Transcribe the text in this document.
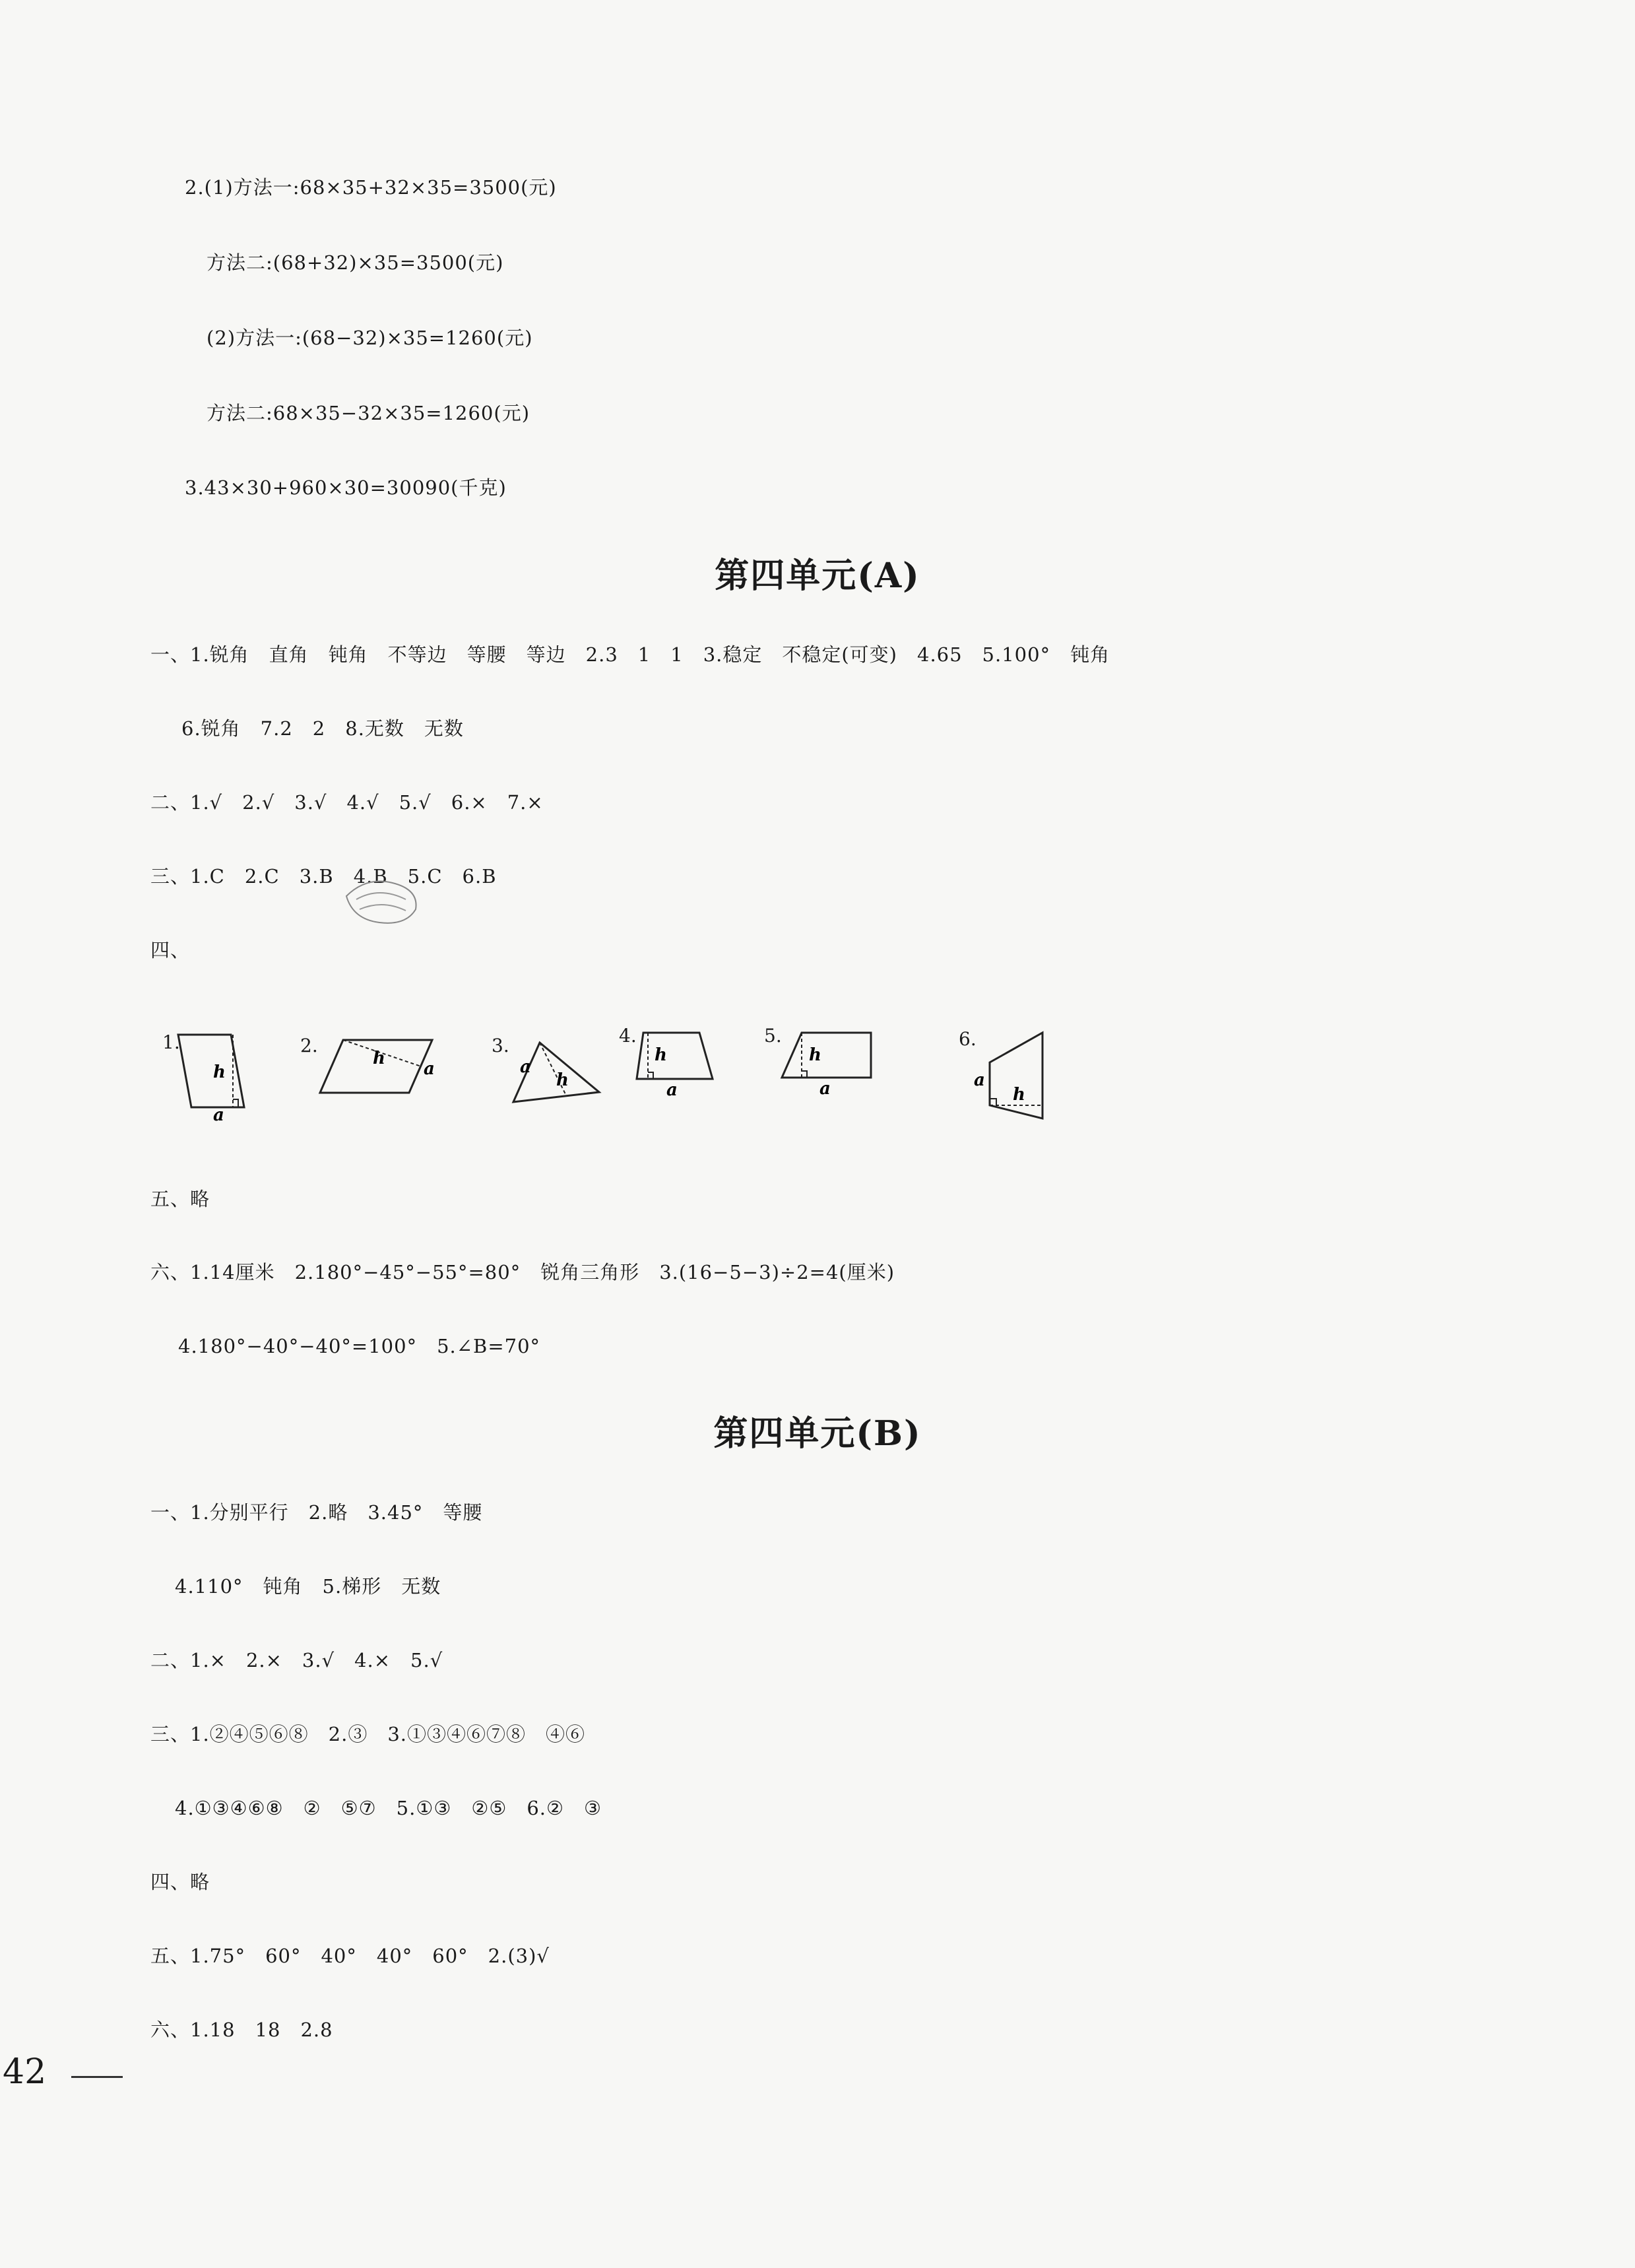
2.(1)方法一:68×35+32×35=3500(元)
方法二:(68+32)×35=3500(元)
(2)方法一:(68−32)×35=1260(元)
方法二:68×35−32×35=1260(元)
3.43×30+960×30=30090(千克)
第四单元(A)
一、1.锐角　直角　钝角　不等边　等腰　等边　2.3　1　1　3.稳定　不稳定(可变)　4.65　5.100°　钝角
6.锐角　7.2　2　8.无数　无数
二、1.√　2.√　3.√　4.√　5.√　6.×　7.×
三、1.C　2.C　3.B　4.B　5.C　6.B
四、
1.	2.	3.	4.	5.	6.
h
a
h
a
h
a
h
a
h
a	h
a
五、略
六、1.14厘米　2.180°−45°−55°=80°　锐角三角形　3.(16−5−3)÷2=4(厘米)
4.180°−40°−40°=100°　5.∠B=70°
第四单元(B)
一、1.分别平行　2.略　3.45°　等腰
4.110°　钝角　5.梯形　无数
二、1.×　2.×　3.√　4.×　5.√
三、1.②④⑤⑥⑧　2.③　3.①③④⑥⑦⑧　④⑥
4.①③④⑥⑧　②　⑤⑦　5.①③　②⑤　6.②　③
四、略
五、1.75°　60°　40°　40°　60°　2.(3)√
六、1.18　18　2.8
42
